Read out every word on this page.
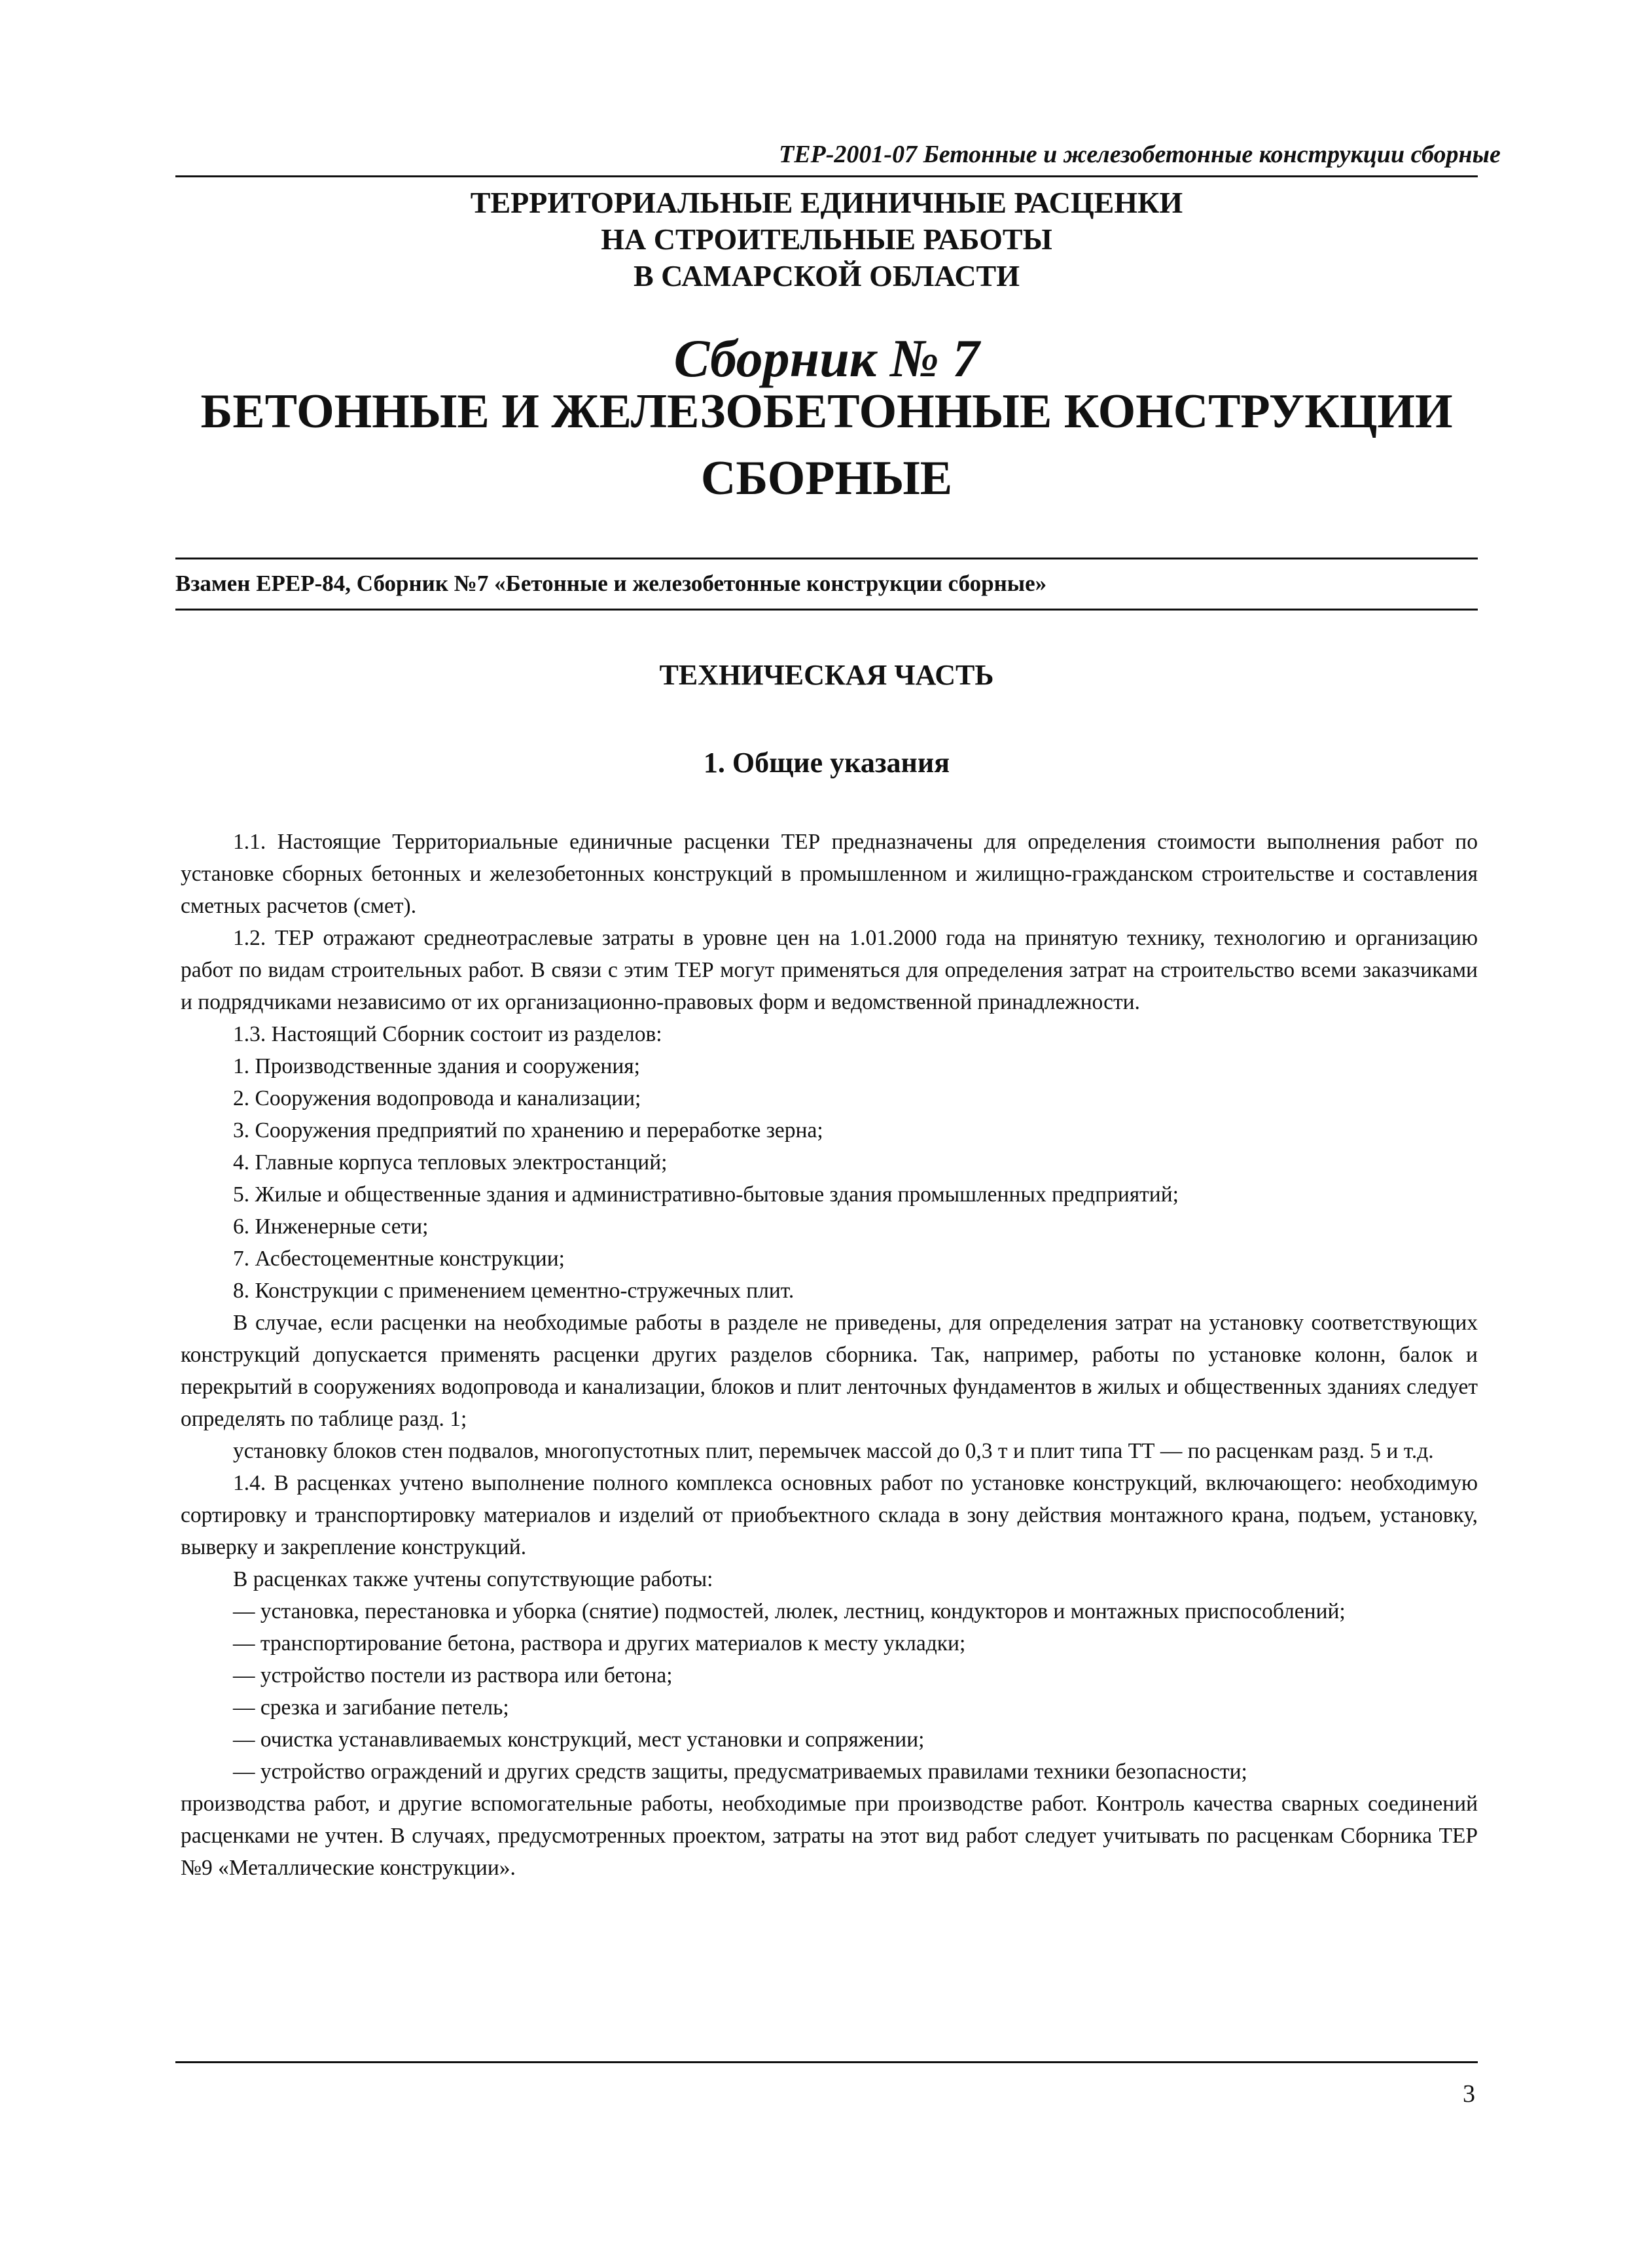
ТЕР-2001-07 Бетонные и железобетонные конструкции сборные
ТЕРРИТОРИАЛЬНЫЕ ЕДИНИЧНЫЕ РАСЦЕНКИ
НА СТРОИТЕЛЬНЫЕ РАБОТЫ
В САМАРСКОЙ ОБЛАСТИ
Сборник № 7
БЕТОННЫЕ И ЖЕЛЕЗОБЕТОННЫЕ КОНСТРУКЦИИ
СБОРНЫЕ
Взамен ЕРЕР-84, Сборник №7 «Бетонные и железобетонные конструкции сборные»
ТЕХНИЧЕСКАЯ ЧАСТЬ
1. Общие указания

1.1. Настоящие Территориальные единичные расценки ТЕР предназначены для определения стоимости выполнения работ по установке сборных бетонных и железобетонных конструкций в промышленном и жилищно-гражданском строительстве и составления сметных расчетов (смет).

1.2. ТЕР отражают среднеотраслевые затраты в уровне цен на 1.01.2000 года на принятую технику, технологию и организацию работ по видам строительных работ. В связи с этим ТЕР могут применяться для определения затрат на строительство всеми заказчиками и подрядчиками независимо от их организационно-правовых форм и ведомственной принадлежности.

1.3. Настоящий Сборник состоит из разделов:

1. Производственные здания и сооружения;

2. Сооружения водопровода и канализации;

3. Сооружения предприятий по хранению и переработке зерна;

4. Главные корпуса тепловых электростанций;

5. Жилые и общественные здания и административно-бытовые здания промышленных предприятий;

6. Инженерные сети;

7. Асбестоцементные конструкции;

8. Конструкции с применением цементно-стружечных плит.

В случае, если расценки на необходимые работы в разделе не приведены, для определения затрат на установку соответствующих конструкций допускается применять расценки других разделов сборника. Так, например, работы по установке колонн, балок и перекрытий в сооружениях водопровода и канализации, блоков и плит ленточных фундаментов в жилых и общественных зданиях следует определять по таблице разд. 1;

установку блоков стен подвалов, многопустотных плит, перемычек массой до 0,3 т и плит типа ТТ — по расценкам разд. 5 и т.д.

1.4. В расценках учтено выполнение полного комплекса основных работ по установке конструкций, включающего: необходимую сортировку и транспортировку материалов и изделий от приобъектного склада в зону действия монтажного крана, подъем, установку, выверку и закрепление конструкций.

В расценках также учтены сопутствующие работы:

— установка, перестановка и уборка (снятие) подмостей, люлек, лестниц, кондукторов и монтажных приспособлений;

— транспортирование бетона, раствора и других материалов к месту укладки;

— устройство постели из раствора или бетона;

— срезка и загибание петель;

— очистка устанавливаемых конструкций, мест установки и сопряжении;

— устройство ограждений и других средств защиты, предусматриваемых правилами техники безопасности;

производства работ, и другие вспомогательные работы, необходимые при производстве работ. Контроль качества сварных соединений расценками не учтен. В случаях, предусмотренных проектом, затраты на этот вид работ следует учитывать по расценкам Сборника ТЕР №9 «Металлические конструкции».

3
